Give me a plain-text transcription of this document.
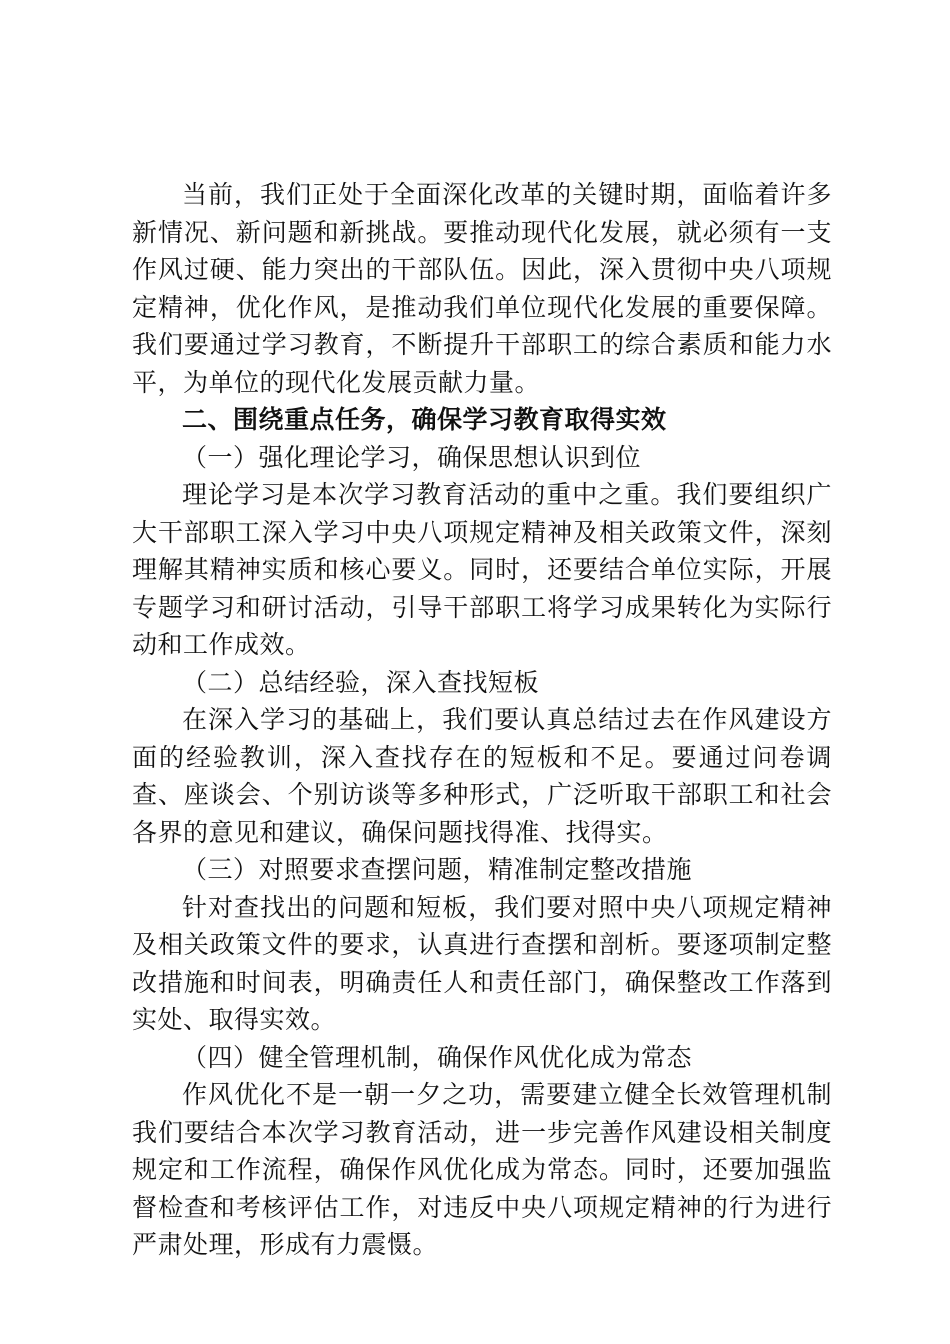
当前，我们正处于全面深化改革的关键时期，面临着许多新情况、新问题和新挑战。要推动现代化发展，就必须有一支作风过硬、能力突出的干部队伍。因此，深入贯彻中央八项规定精神，优化作风，是推动我们单位现代化发展的重要保障。我们要通过学习教育，不断提升干部职工的综合素质和能力水平，为单位的现代化发展贡献力量。

二、围绕重点任务，确保学习教育取得实效

（一）强化理论学习，确保思想认识到位

理论学习是本次学习教育活动的重中之重。我们要组织广大干部职工深入学习中央八项规定精神及相关政策文件，深刻理解其精神实质和核心要义。同时，还要结合单位实际，开展专题学习和研讨活动，引导干部职工将学习成果转化为实际行动和工作成效。

（二）总结经验，深入查找短板

在深入学习的基础上，我们要认真总结过去在作风建设方面的经验教训，深入查找存在的短板和不足。要通过问卷调查、座谈会、个别访谈等多种形式，广泛听取干部职工和社会各界的意见和建议，确保问题找得准、找得实。

（三）对照要求查摆问题，精准制定整改措施

针对查找出的问题和短板，我们要对照中央八项规定精神及相关政策文件的要求，认真进行查摆和剖析。要逐项制定整改措施和时间表，明确责任人和责任部门，确保整改工作落到实处、取得实效。

（四）健全管理机制，确保作风优化成为常态

作风优化不是一朝一夕之功，需要建立健全长效管理机制我们要结合本次学习教育活动，进一步完善作风建设相关制度规定和工作流程，确保作风优化成为常态。同时，还要加强监督检查和考核评估工作，对违反中央八项规定精神的行为进行严肃处理，形成有力震慑。
